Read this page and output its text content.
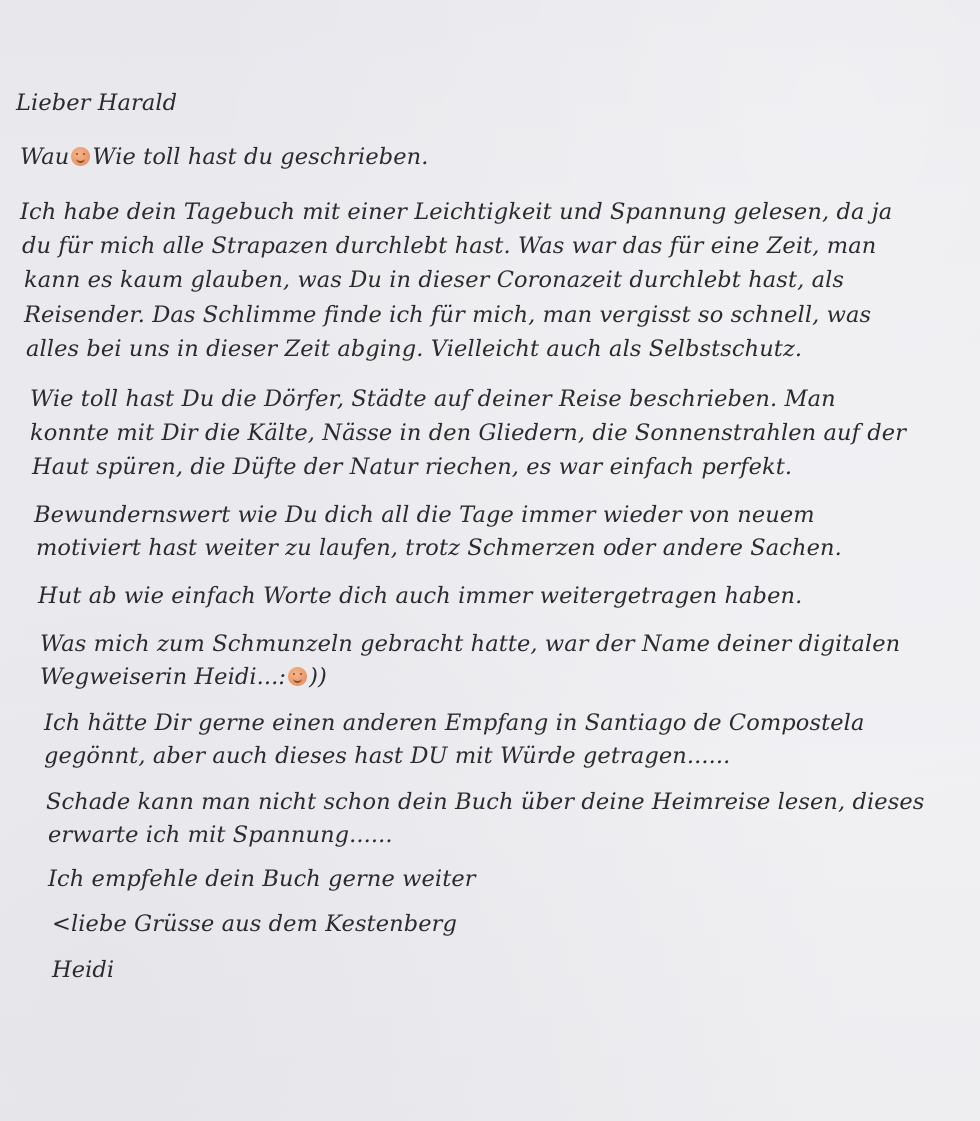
Lieber Harald

Wau Wie toll hast du geschrieben.

Ich habe dein Tagebuch mit einer Leichtigkeit und Spannung gelesen, da ja

du für mich alle Strapazen durchlebt hast. Was war das für eine Zeit, man

kann es kaum glauben, was Du in dieser Coronazeit durchlebt hast, als

Reisender. Das Schlimme finde ich für mich, man vergisst so schnell, was

alles bei uns in dieser Zeit abging. Vielleicht auch als Selbstschutz.

Wie toll hast Du die Dörfer, Städte auf deiner Reise beschrieben. Man

konnte mit Dir die Kälte, Nässe in den Gliedern, die Sonnenstrahlen auf der

Haut spüren, die Düfte der Natur riechen, es war einfach perfekt.

Bewundernswert wie Du dich all die Tage immer wieder von neuem

motiviert hast weiter zu laufen, trotz Schmerzen oder andere Sachen.

Hut ab wie einfach Worte dich auch immer weitergetragen haben.

Was mich zum Schmunzeln gebracht hatte, war der Name deiner digitalen

Wegweiserin Heidi...: ))

Ich hätte Dir gerne einen anderen Empfang in Santiago de Compostela

gegönnt, aber auch dieses hast DU mit Würde getragen......

Schade kann man nicht schon dein Buch über deine Heimreise lesen, dieses

erwarte ich mit Spannung......

Ich empfehle dein Buch gerne weiter

<liebe Grüsse aus dem Kestenberg

Heidi
